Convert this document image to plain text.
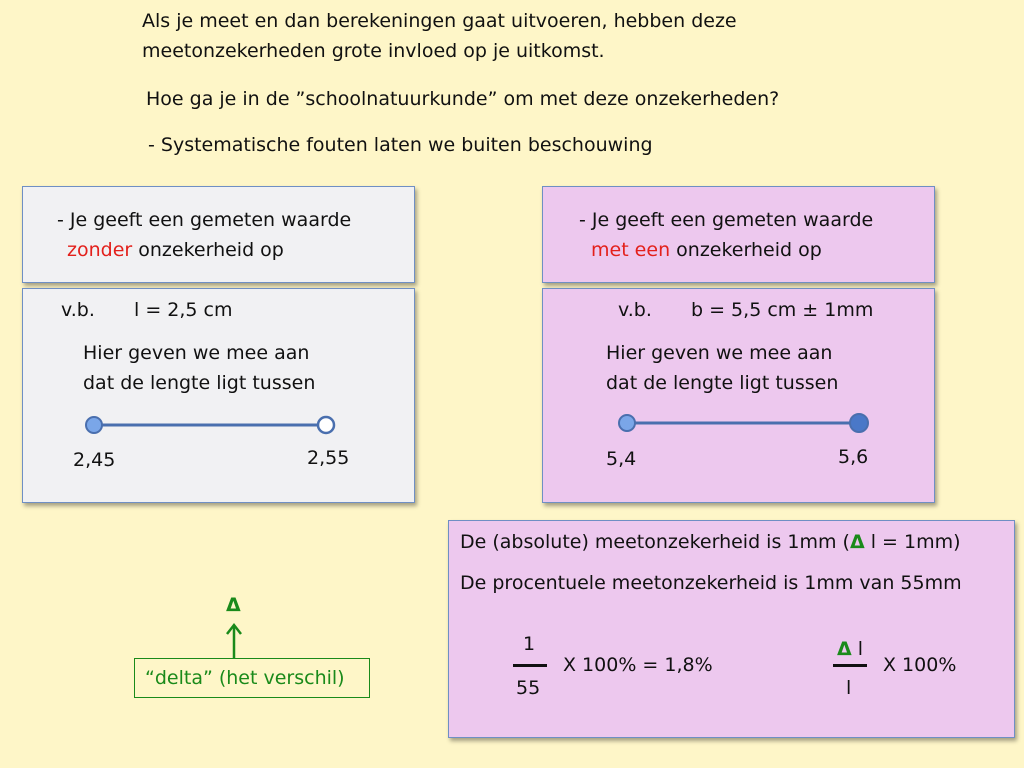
Als je meet en dan berekeningen gaat uitvoeren, hebben deze
meetonzekerheden grote invloed op je uitkomst.
Hoe ga je in de ”schoolnatuurkunde” om met deze onzekerheden?
- Systematische fouten laten we buiten beschouwing
- Je geeft een gemeten waarde
zonder onzekerheid op
v.b. l = 2,5 cm
Hier geven we mee aan
dat de lengte ligt tussen
2,45	2,55
- Je geeft een gemeten waarde
met een onzekerheid op
v.b. b = 5,5 cm ± 1mm
Hier geven we mee aan
dat de lengte ligt tussen
5,4	5,6
De (absolute) meetonzekerheid is 1mm (Δ l = 1mm)
De procentuele meetonzekerheid is 1mm van 55mm
1
55
X 100% = 1,8%
Δ l
l
X 100%
Δ
“delta” (het verschil)
